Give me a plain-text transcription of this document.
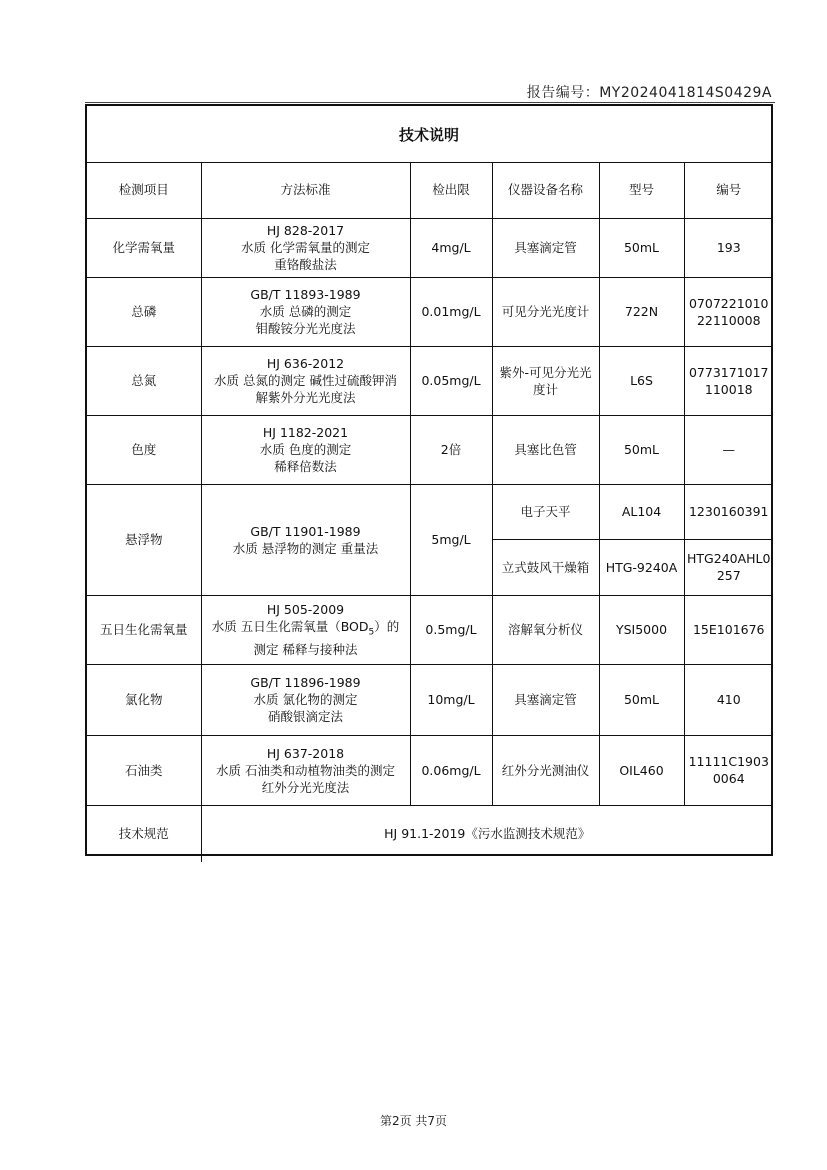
报告编号：MY2024041814S0429A
技术说明
检测项目	方法标准	检出限	仪器设备名称	型号	编号
化学需氧量	HJ 828-2017
水质 化学需氧量的测定
重铬酸盐法	4mg/L	具塞滴定管	50mL	193

总磷	GB/T 11893-1989
水质 总磷的测定
钼酸铵分光光度法	0.01mg/L	可见分光光度计	722N	070722101022110008

总氮	HJ 636-2012
水质 总氮的测定 碱性过硫酸钾消
解紫外分光光度法	0.05mg/L	紫外-可见分光光度计	L6S	0773171017110018

色度	HJ 1182-2021
水质 色度的测定
稀释倍数法	2倍	具塞比色管	50mL	—
悬浮物	GB/T 11901-1989
水质 悬浮物的测定 重量法	5mg/L	电子天平	AL104	1230160391
			立式鼓风干燥箱	HTG-9240A	HTG240AHL0257

五日生化需氧量	HJ 505-2009
水质 五日生化需氧量$(BOD_5)$的
测定 稀释与接种法	0.5mg/L	溶解氧分析仪	YSI5000	15E101676
氯化物	GB/T 11896-1989
水质 氯化物的测定
硝酸银滴定法	10mg/L	具塞滴定管	50mL	410
石油类	HJ 637-2018
水质 石油类和动植物油类的测定
红外分光光度法	0.06mg/L	红外分光测油仪	OIL460	11111C19030064

技术规范	HJ 91.1-2019《污水监测技术规范》				
第2页 共7页
